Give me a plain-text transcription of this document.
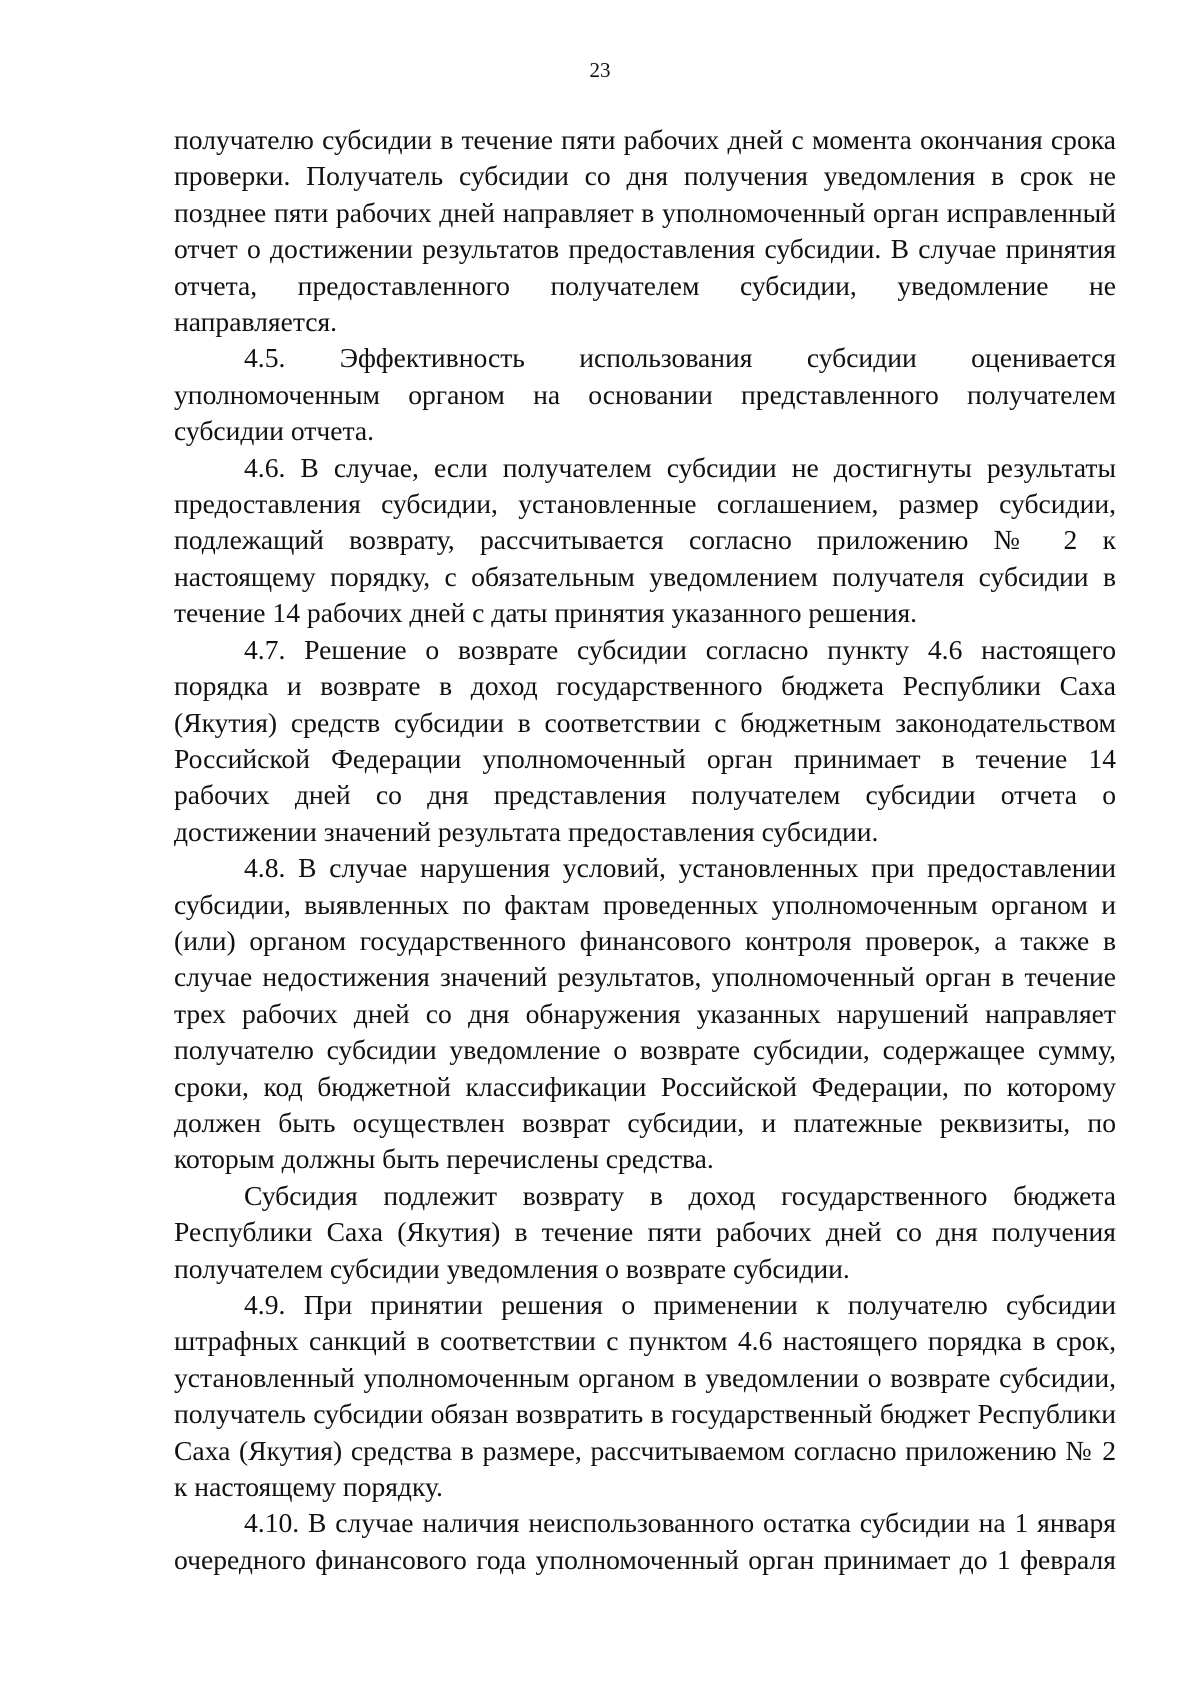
23

получателю субсидии в течение пяти рабочих дней с момента окончания срока проверки. Получатель субсидии со дня получения уведомления в срок не позднее пяти рабочих дней направляет в уполномоченный орган исправленный отчет о достижении результатов предоставления субсидии. В случае принятия отчета, предоставленного получателем субсидии, уведомление не направляется.

4.5. Эффективность использования субсидии оценивается уполномоченным органом на основании представленного получателем субсидии отчета.

4.6. В случае, если получателем субсидии не достигнуты результаты предоставления субсидии, установленные соглашением, размер субсидии, подлежащий возврату, рассчитывается согласно приложению № 2 к настоящему порядку, с обязательным уведомлением получателя субсидии в течение 14 рабочих дней с даты принятия указанного решения.

4.7. Решение о возврате субсидии согласно пункту 4.6 настоящего порядка и возврате в доход государственного бюджета Республики Саха (Якутия) средств субсидии в соответствии с бюджетным законодательством Российской Федерации уполномоченный орган принимает в течение 14 рабочих дней со дня представления получателем субсидии отчета о достижении значений результата предоставления субсидии.

4.8. В случае нарушения условий, установленных при предоставлении субсидии, выявленных по фактам проведенных уполномоченным органом и (или) органом государственного финансового контроля проверок, а также в случае недостижения значений результатов, уполномоченный орган в течение трех рабочих дней со дня обнаружения указанных нарушений направляет получателю субсидии уведомление о возврате субсидии, содержащее сумму, сроки, код бюджетной классификации Российской Федерации, по которому должен быть осуществлен возврат субсидии, и платежные реквизиты, по которым должны быть перечислены средства.

Субсидия подлежит возврату в доход государственного бюджета Республики Саха (Якутия) в течение пяти рабочих дней со дня получения получателем субсидии уведомления о возврате субсидии.

4.9. При принятии решения о применении к получателю субсидии штрафных санкций в соответствии с пунктом 4.6 настоящего порядка в срок, установленный уполномоченным органом в уведомлении о возврате субсидии, получатель субсидии обязан возвратить в государственный бюджет Республики Саха (Якутия) средства в размере, рассчитываемом согласно приложению № 2 к настоящему порядку.

4.10. В случае наличия неиспользованного остатка субсидии на 1 января очередного финансового года уполномоченный орган принимает до 1 февраля
